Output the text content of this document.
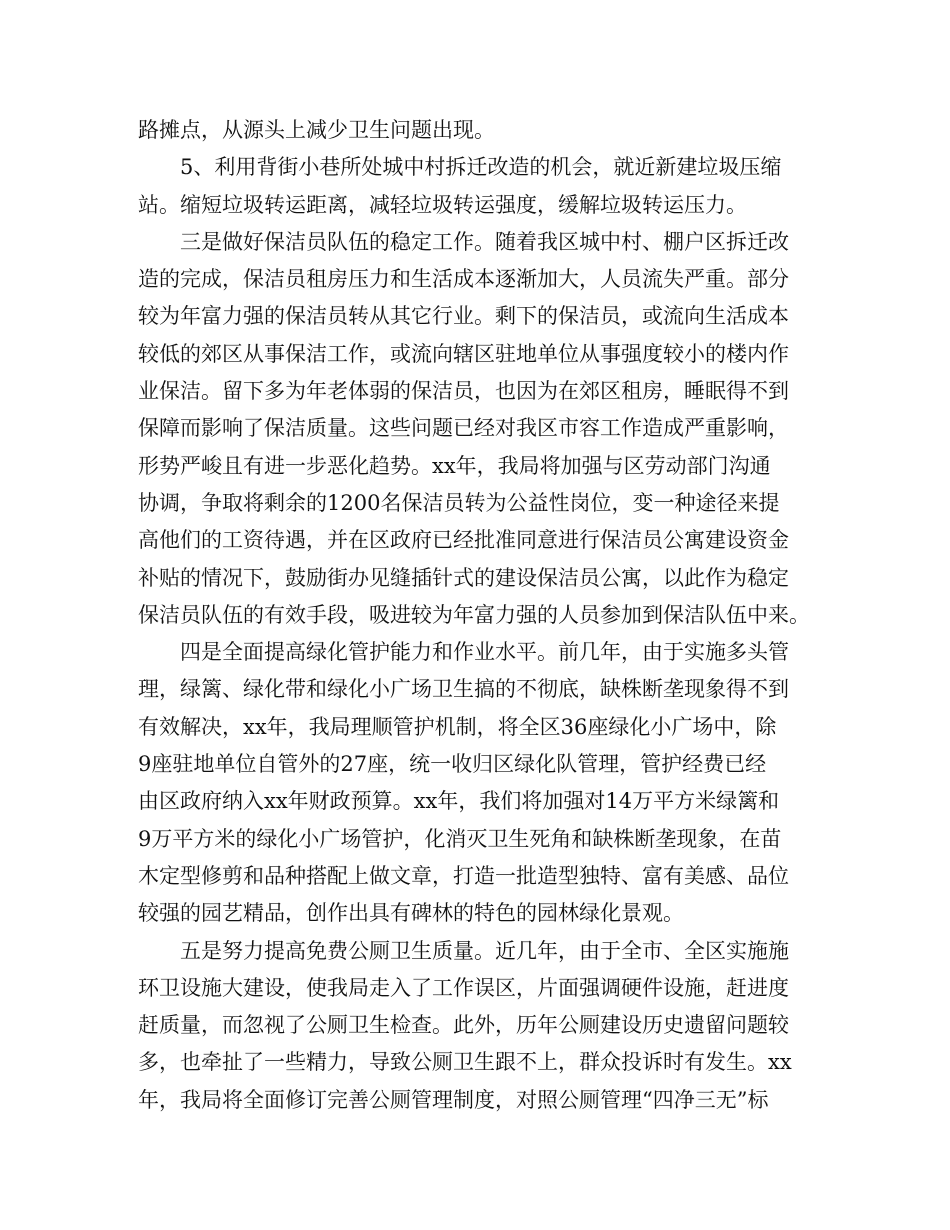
路摊点，从源头上减少卫生问题出现。
5、利用背街小巷所处城中村拆迁改造的机会，就近新建垃圾压缩
站。缩短垃圾转运距离，减轻垃圾转运强度，缓解垃圾转运压力。
三是做好保洁员队伍的稳定工作。随着我区城中村、棚户区拆迁改
造的完成，保洁员租房压力和生活成本逐渐加大，人员流失严重。部分
较为年富力强的保洁员转从其它行业。剩下的保洁员，或流向生活成本
较低的郊区从事保洁工作，或流向辖区驻地单位从事强度较小的楼内作
业保洁。留下多为年老体弱的保洁员，也因为在郊区租房，睡眠得不到
保障而影响了保洁质量。这些问题已经对我区市容工作造成严重影响，
形势严峻且有进一步恶化趋势。xx年，我局将加强与区劳动部门沟通
协调，争取将剩余的1200名保洁员转为公益性岗位，变一种途径来提
高他们的工资待遇，并在区政府已经批准同意进行保洁员公寓建设资金
补贴的情况下，鼓励街办见缝插针式的建设保洁员公寓，以此作为稳定
保洁员队伍的有效手段，吸进较为年富力强的人员参加到保洁队伍中来。
四是全面提高绿化管护能力和作业水平。前几年，由于实施多头管
理，绿篱、绿化带和绿化小广场卫生搞的不彻底，缺株断垄现象得不到
有效解决，xx年，我局理顺管护机制，将全区36座绿化小广场中，除
9座驻地单位自管外的27座，统一收归区绿化队管理，管护经费已经
由区政府纳入xx年财政预算。xx年，我们将加强对14万平方米绿篱和
9万平方米的绿化小广场管护，化消灭卫生死角和缺株断垄现象，在苗
木定型修剪和品种搭配上做文章，打造一批造型独特、富有美感、品位
较强的园艺精品，创作出具有碑林的特色的园林绿化景观。
五是努力提高免费公厕卫生质量。近几年，由于全市、全区实施施
环卫设施大建设，使我局走入了工作误区，片面强调硬件设施，赶进度
赶质量，而忽视了公厕卫生检查。此外，历年公厕建设历史遗留问题较
多，也牵扯了一些精力，导致公厕卫生跟不上，群众投诉时有发生。xx
年，我局将全面修订完善公厕管理制度，对照公厕管理“四净三无”标
